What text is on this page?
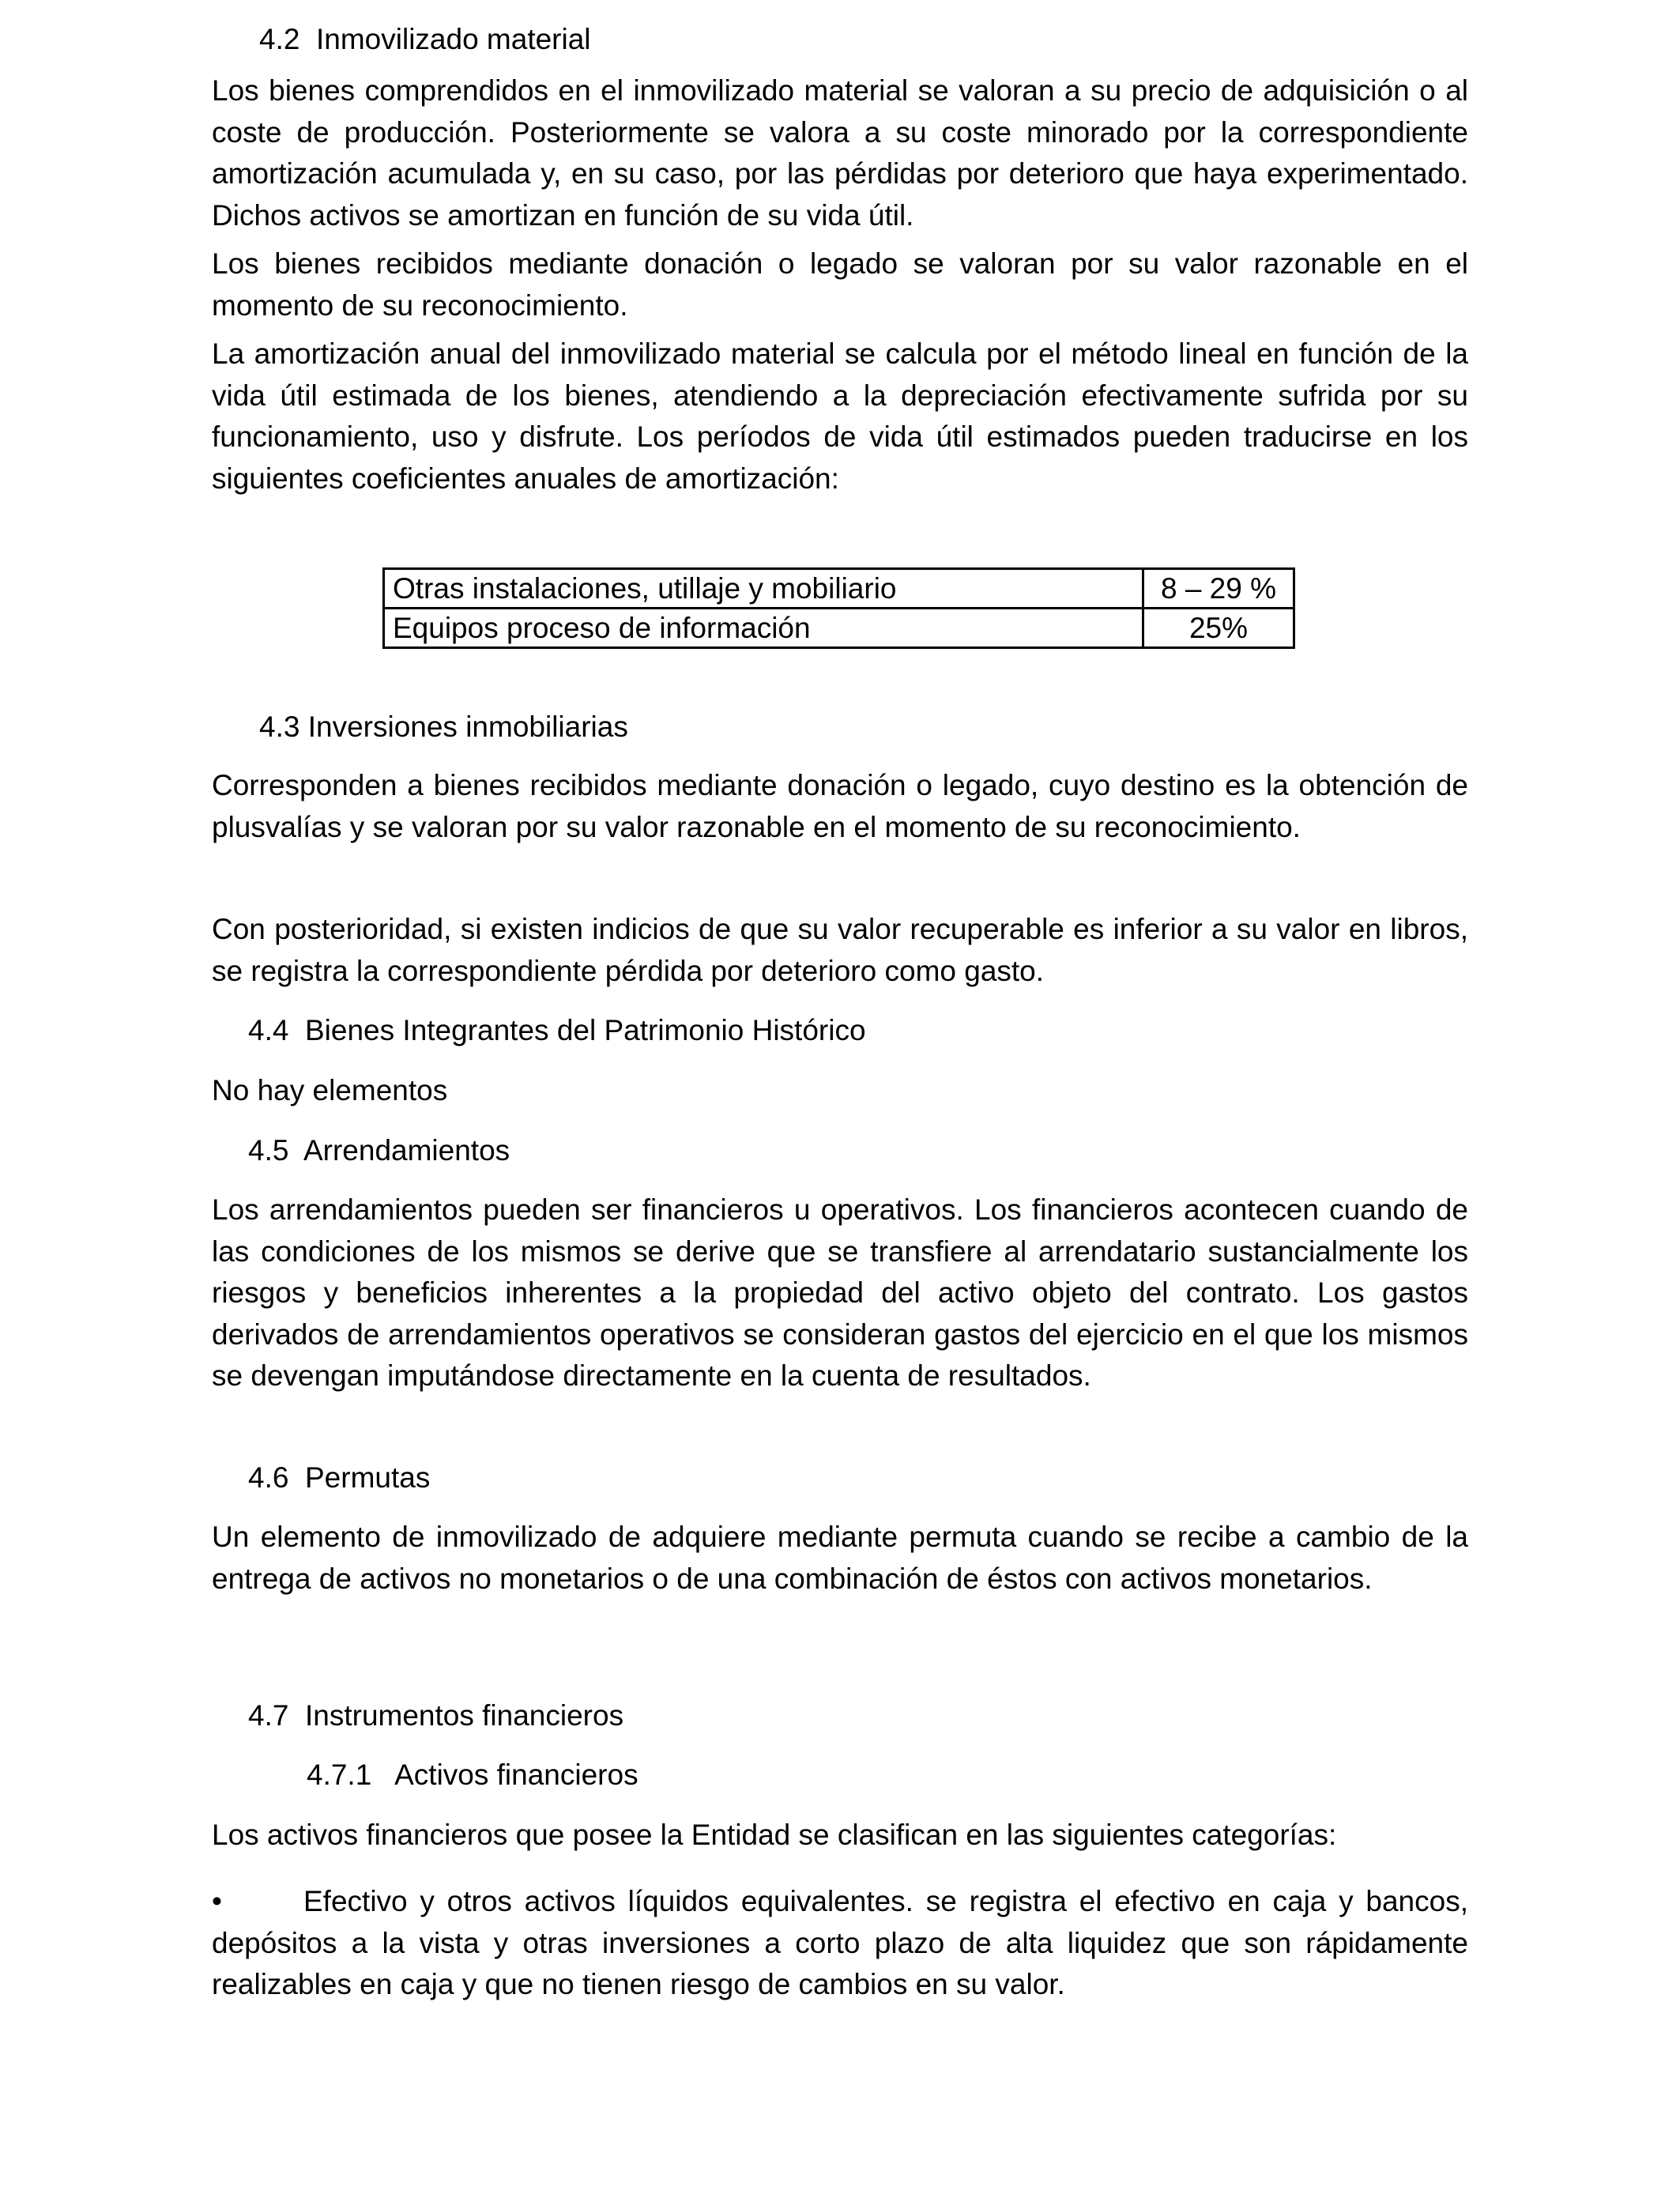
4.2 Inmovilizado material

Los bienes comprendidos en el inmovilizado material se valoran a su precio de adquisición o al coste de producción. Posteriormente se valora a su coste minorado por la correspondiente amortización acumulada y, en su caso, por las pérdidas por deterioro que haya experimentado. Dichos activos se amortizan en función de su vida útil.

Los bienes recibidos mediante donación o legado se valoran por su valor razonable en el momento de su reconocimiento.

La amortización anual del inmovilizado material se calcula por el método lineal en función de la vida útil estimada de los bienes, atendiendo a la depreciación efectivamente sufrida por su funcionamiento, uso y disfrute. Los períodos de vida útil estimados pueden traducirse en los siguientes coeficientes anuales de amortización:

Otras instalaciones, utillaje y mobiliario	8 – 29 %
Equipos proceso de información	25%
4.3 Inversiones inmobiliarias

Corresponden a bienes recibidos mediante donación o legado, cuyo destino es la obtención de plusvalías y se valoran por su valor razonable en el momento de su reconocimiento.

Con posterioridad, si existen indicios de que su valor recuperable es inferior a su valor en libros, se registra la correspondiente pérdida por deterioro como gasto.

4.4 Bienes Integrantes del Patrimonio Histórico

No hay elementos

4.5 Arrendamientos

Los arrendamientos pueden ser financieros u operativos. Los financieros acontecen cuando de las condiciones de los mismos se derive que se transfiere al arrendatario sustancialmente los riesgos y beneficios inherentes a la propiedad del activo objeto del contrato. Los gastos derivados de arrendamientos operativos se consideran gastos del ejercicio en el que los mismos se devengan imputándose directamente en la cuenta de resultados.

4.6 Permutas

Un elemento de inmovilizado de adquiere mediante permuta cuando se recibe a cambio de la entrega de activos no monetarios o de una combinación de éstos con activos monetarios.

4.7 Instrumentos financieros
4.7.1 Activos financieros

Los activos financieros que posee la Entidad se clasifican en las siguientes categorías:

•	Efectivo y otros activos líquidos equivalentes. se registra el efectivo en caja y bancos, depósitos a la vista y otras inversiones a corto plazo de alta liquidez que son rápidamente realizables en caja y que no tienen riesgo de cambios en su valor.
